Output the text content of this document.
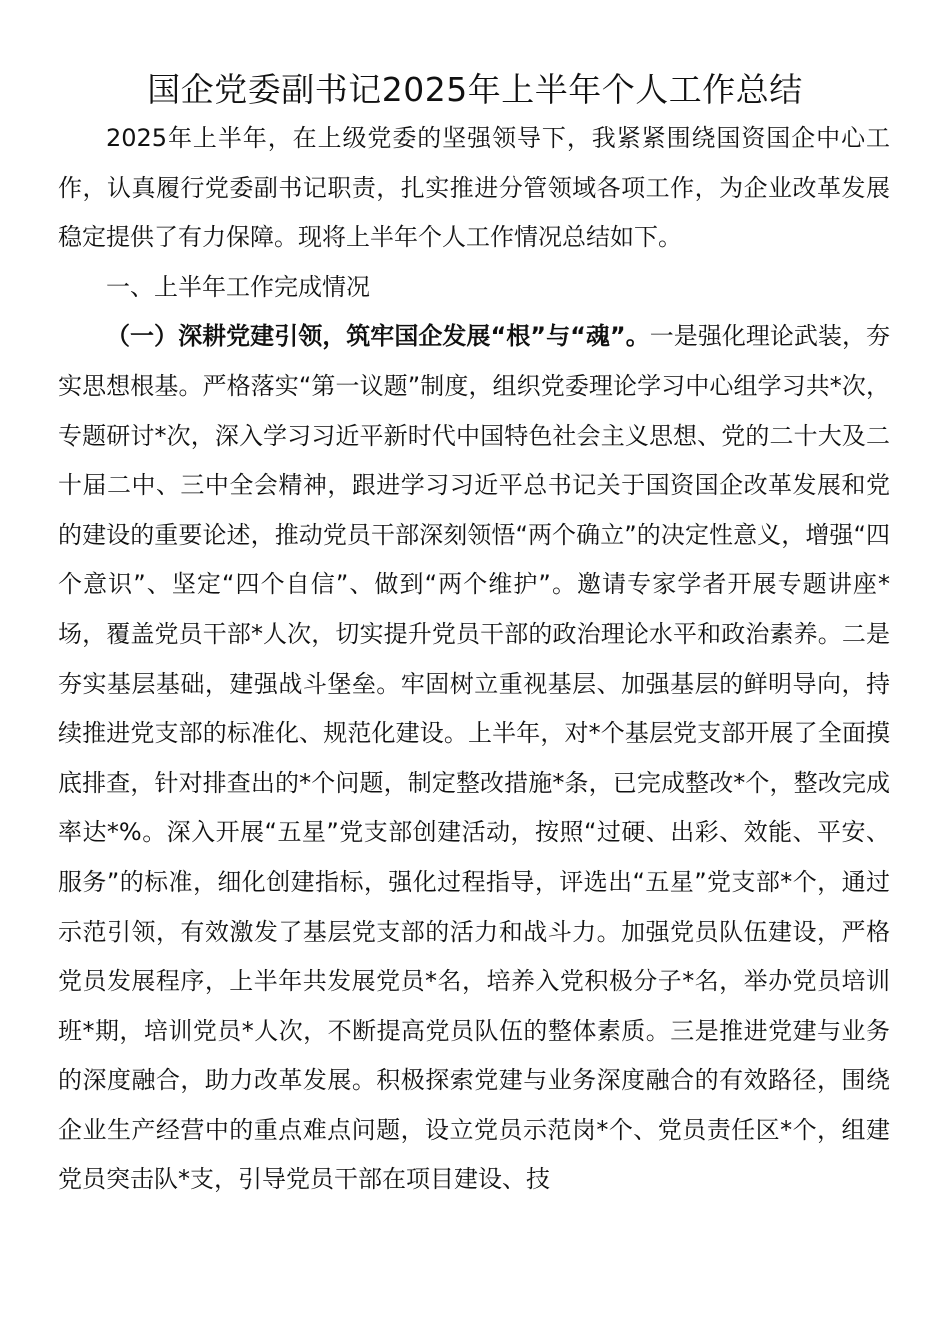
国企党委副书记2025年上半年个人工作总结

2025年上半年，在上级党委的坚强领导下，我紧紧围绕国资国企中心工作，认真履行党委副书记职责，扎实推进分管领域各项工作，为企业改革发展稳定提供了有力保障。现将上半年个人工作情况总结如下。

一、上半年工作完成情况

（一）深耕党建引领，筑牢国企发展“根”与“魂”。一是强化理论武装，夯实思想根基。严格落实“第一议题”制度，组织党委理论学习中心组学习共*次，专题研讨*次，深入学习习近平新时代中国特色社会主义思想、党的二十大及二十届二中、三中全会精神，跟进学习习近平总书记关于国资国企改革发展和党的建设的重要论述，推动党员干部深刻领悟“两个确立”的决定性意义，增强“四个意识”、坚定“四个自信”、做到“两个维护”。邀请专家学者开展专题讲座*场，覆盖党员干部*人次，切实提升党员干部的政治理论水平和政治素养。二是夯实基层基础，建强战斗堡垒。牢固树立重视基层、加强基层的鲜明导向，持续推进党支部的标准化、规范化建设。上半年，对*个基层党支部开展了全面摸底排查，针对排查出的*个问题，制定整改措施*条，已完成整改*个，整改完成率达*%。深入开展“五星”党支部创建活动，按照“过硬、出彩、效能、平安、服务”的标准，细化创建指标，强化过程指导，评选出“五星”党支部*个，通过示范引领，有效激发了基层党支部的活力和战斗力。加强党员队伍建设，严格党员发展程序，上半年共发展党员*名，培养入党积极分子*名，举办党员培训班*期，培训党员*人次，不断提高党员队伍的整体素质。三是推进党建与业务的深度融合，助力改革发展。积极探索党建与业务深度融合的有效路径，围绕企业生产经营中的重点难点问题，设立党员示范岗*个、党员责任区*个，组建党员突击队*支，引导党员干部在项目建设、技
